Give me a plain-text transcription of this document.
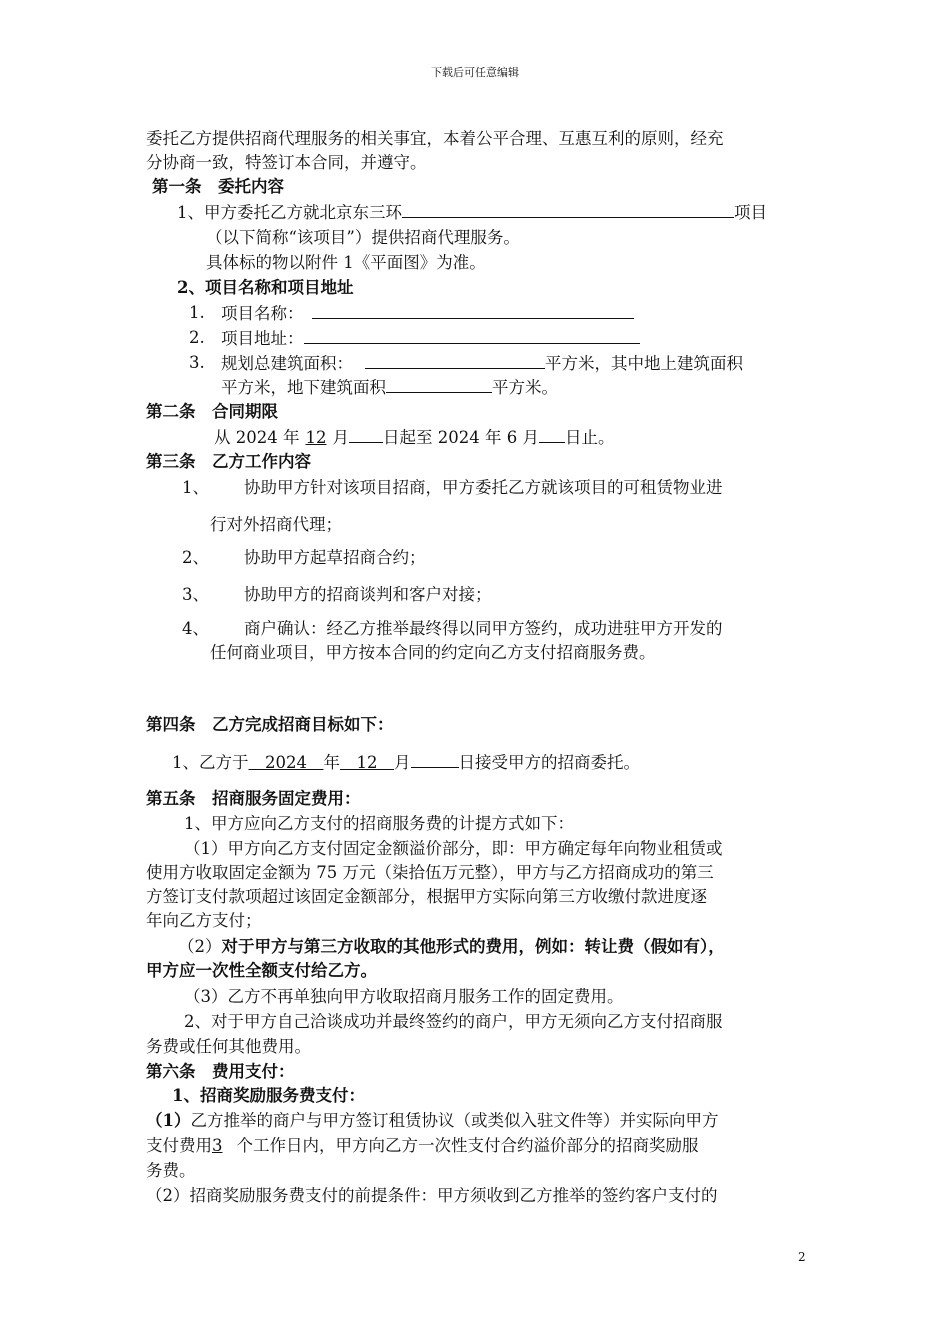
下载后可任意编辑
委托乙方提供招商代理服务的相关事宜，本着公平合理、互惠互利的原则，经充
分协商一致，特签订本合同，并遵守。
第一条　委托内容
1、甲方委托乙方就北京东三环	项目
（以下简称“该项目”）提供招商代理服务。
具体标的物以附件 1《平面图》为准。
2、项目名称和项目地址
1. 项目名称：
2. 项目地址：
3. 规划总建筑面积：	平方米，其中地上建筑面积
平方米，地下建筑面积	平方米。
第二条　合同期限
从 2024 年 12 月 日起至 2024 年 6 月 日止。
第三条　乙方工作内容
1、 协助甲方针对该项目招商，甲方委托乙方就该项目的可租赁物业进
行对外招商代理；
2、 协助甲方起草招商合约；
3、 协助甲方的招商谈判和客户对接；
4、 商户确认：经乙方推举最终得以同甲方签约，成功进驻甲方开发的
任何商业项目，甲方按本合同的约定向乙方支付招商服务费。
第四条　乙方完成招商目标如下：
1、乙方于　2024　年　12　月	日接受甲方的招商委托。
第五条　招商服务固定费用：
1、甲方应向乙方支付的招商服务费的计提方式如下：
（1）甲方向乙方支付固定金额溢价部分，即：甲方确定每年向物业租赁或
使用方收取固定金额为 75 万元（柒拾伍万元整），甲方与乙方招商成功的第三
方签订支付款项超过该固定金额部分，根据甲方实际向第三方收缴付款进度逐
年向乙方支付；
（2）对于甲方与第三方收取的其他形式的费用，例如：转让费（假如有），
甲方应一次性全额支付给乙方。
（3）乙方不再单独向甲方收取招商月服务工作的固定费用。
2、对于甲方自己洽谈成功并最终签约的商户，甲方无须向乙方支付招商服
务费或任何其他费用。
第六条　费用支付：
1、招商奖励服务费支付：
（1）乙方推举的商户与甲方签订租赁协议（或类似入驻文件等）并实际向甲方
支付费用3 个工作日内，甲方向乙方一次性支付合约溢价部分的招商奖励服
务费。
（2）招商奖励服务费支付的前提条件：甲方须收到乙方推举的签约客户支付的
2
